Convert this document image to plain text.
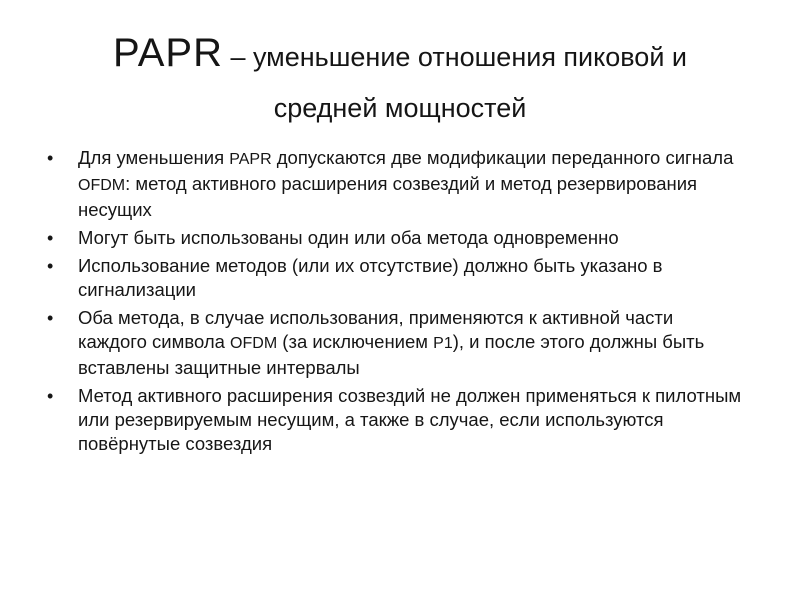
PAPR – уменьшение отношения пиковой и средней мощностей
•	Для уменьшения PAPR допускаются две модификации переданного сигнала OFDM: метод активного расширения созвездий и метод резервирования несущих
•	Могут быть использованы один или оба метода одновременно
•	Использование методов (или их отсутствие) должно быть указано в сигнализации
•	Оба метода, в случае использования, применяются к активной части каждого символа OFDM (за исключением P1), и после этого должны быть вставлены защитные интервалы
•	Метод активного расширения созвездий не должен применяться к пилотным или резервируемым несущим, а также в случае, если используются повёрнутые созвездия
